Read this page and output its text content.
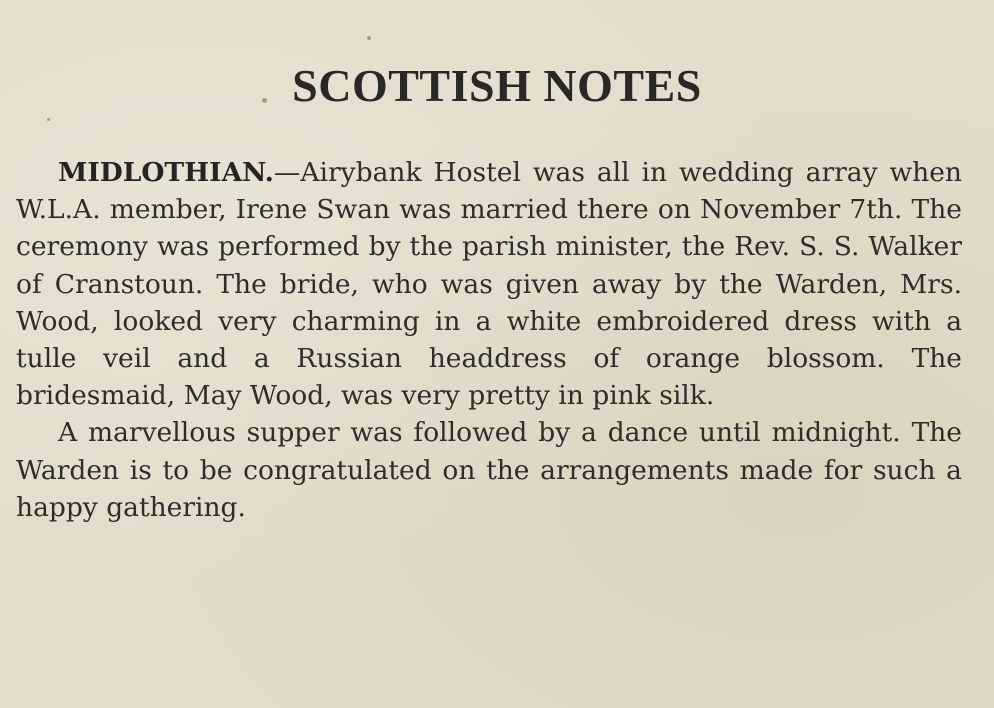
SCOTTISH NOTES

MIDLOTHIAN.—Airybank Hostel was all in wedding array when W.L.A. member, Irene Swan was married there on November 7th. The ceremony was performed by the parish minister, the Rev. S. S. Walker of Cranstoun. The bride, who was given away by the Warden, Mrs. Wood, looked very charming in a white embroidered dress with a tulle veil and a Russian headdress of orange blossom. The bridesmaid, May Wood, was very pretty in pink silk.

A marvellous supper was followed by a dance until midnight. The Warden is to be congratulated on the arrangements made for such a happy gathering.
